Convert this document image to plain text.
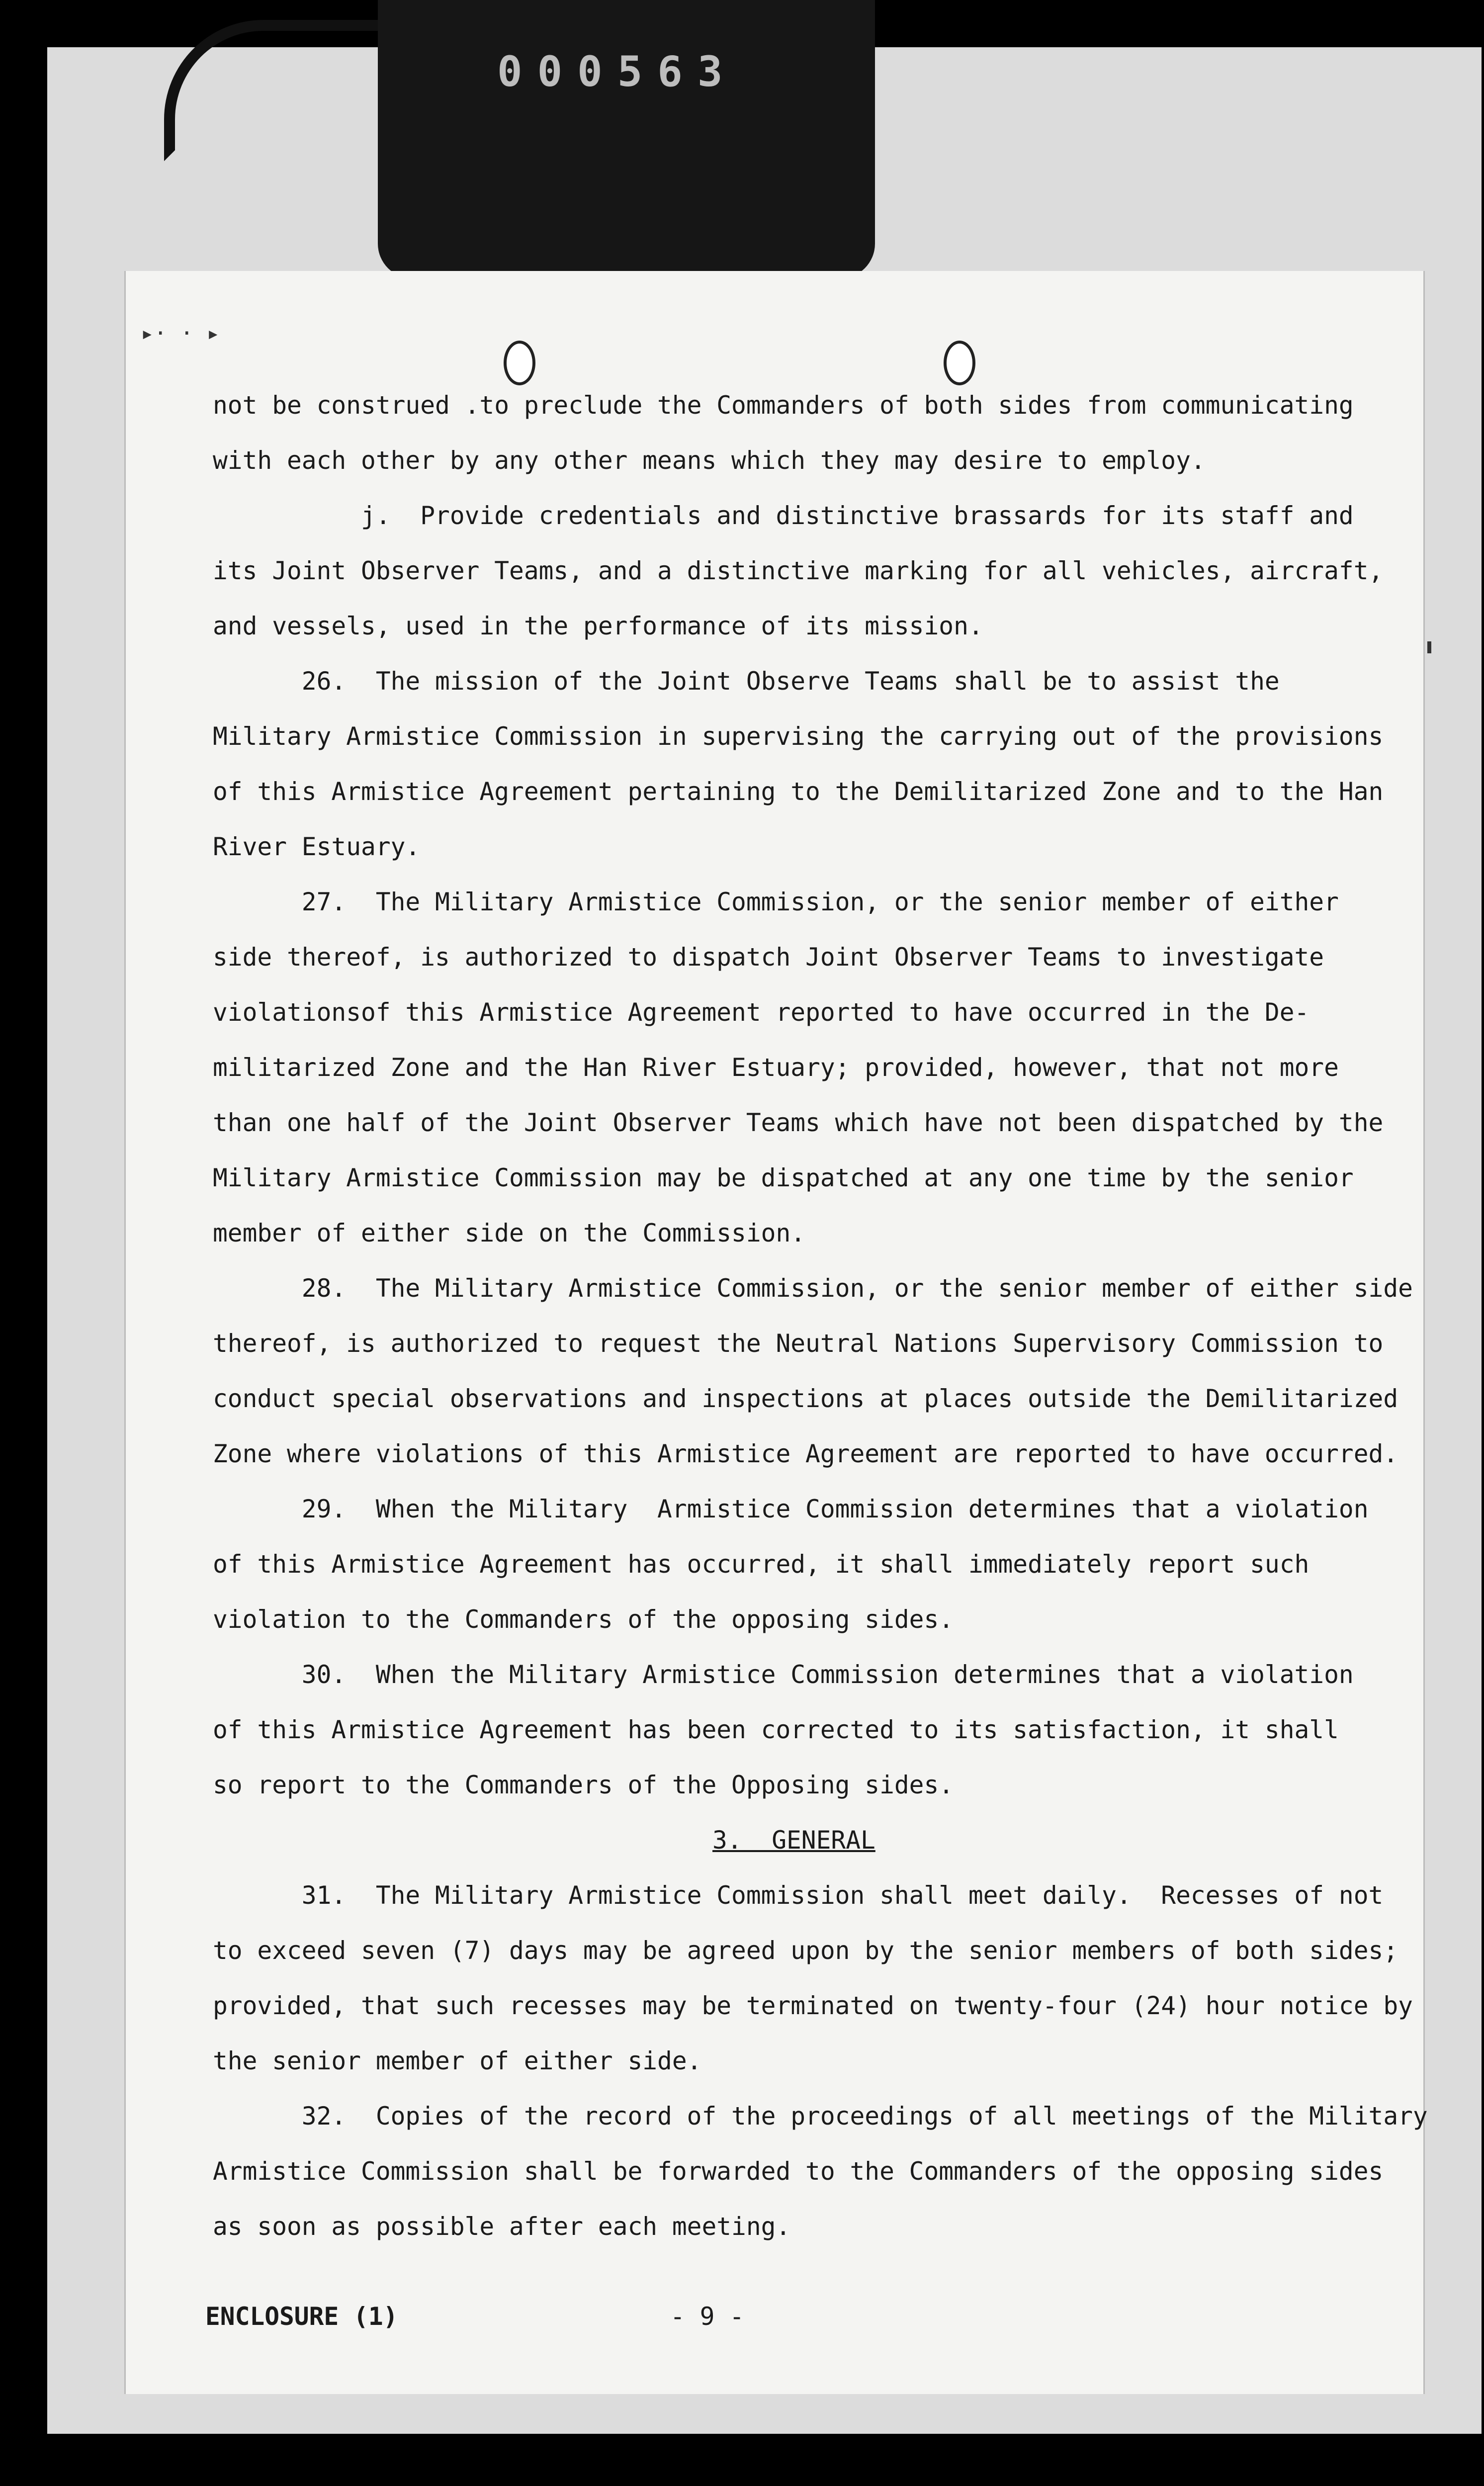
000563
▸· · ▸
not be construed .to preclude the Commanders of both sides from communicating
with each other by any other means which they may desire to employ.
j.  Provide credentials and distinctive brassards for its staff and
its Joint Observer Teams, and a distinctive marking for all vehicles, aircraft,
and vessels, used in the performance of its mission.
26.  The mission of the Joint Observe Teams shall be to assist the
Military Armistice Commission in supervising the carrying out of the provisions
of this Armistice Agreement pertaining to the Demilitarized Zone and to the Han
River Estuary.
27.  The Military Armistice Commission, or the senior member of either
side thereof, is authorized to dispatch Joint Observer Teams to investigate
violationsof this Armistice Agreement reported to have occurred in the De-
militarized Zone and the Han River Estuary; provided, however, that not more
than one half of the Joint Observer Teams which have not been dispatched by the
Military Armistice Commission may be dispatched at any one time by the senior
member of either side on the Commission.
28.  The Military Armistice Commission, or the senior member of either side
thereof, is authorized to request the Neutral Nations Supervisory Commission to
conduct special observations and inspections at places outside the Demilitarized
Zone where violations of this Armistice Agreement are reported to have occurred.
29.  When the Military  Armistice Commission determines that a violation
of this Armistice Agreement has occurred, it shall immediately report such
violation to the Commanders of the opposing sides.
30.  When the Military Armistice Commission determines that a violation
of this Armistice Agreement has been corrected to its satisfaction, it shall
so report to the Commanders of the Opposing sides.
3.  GENERAL
31.  The Military Armistice Commission shall meet daily.  Recesses of not
to exceed seven (7) days may be agreed upon by the senior members of both sides;
provided, that such recesses may be terminated on twenty-four (24) hour notice by
the senior member of either side.
32.  Copies of the record of the proceedings of all meetings of the Military
Armistice Commission shall be forwarded to the Commanders of the opposing sides
as soon as possible after each meeting.
ENCLOSURE (1)	- 9 -
